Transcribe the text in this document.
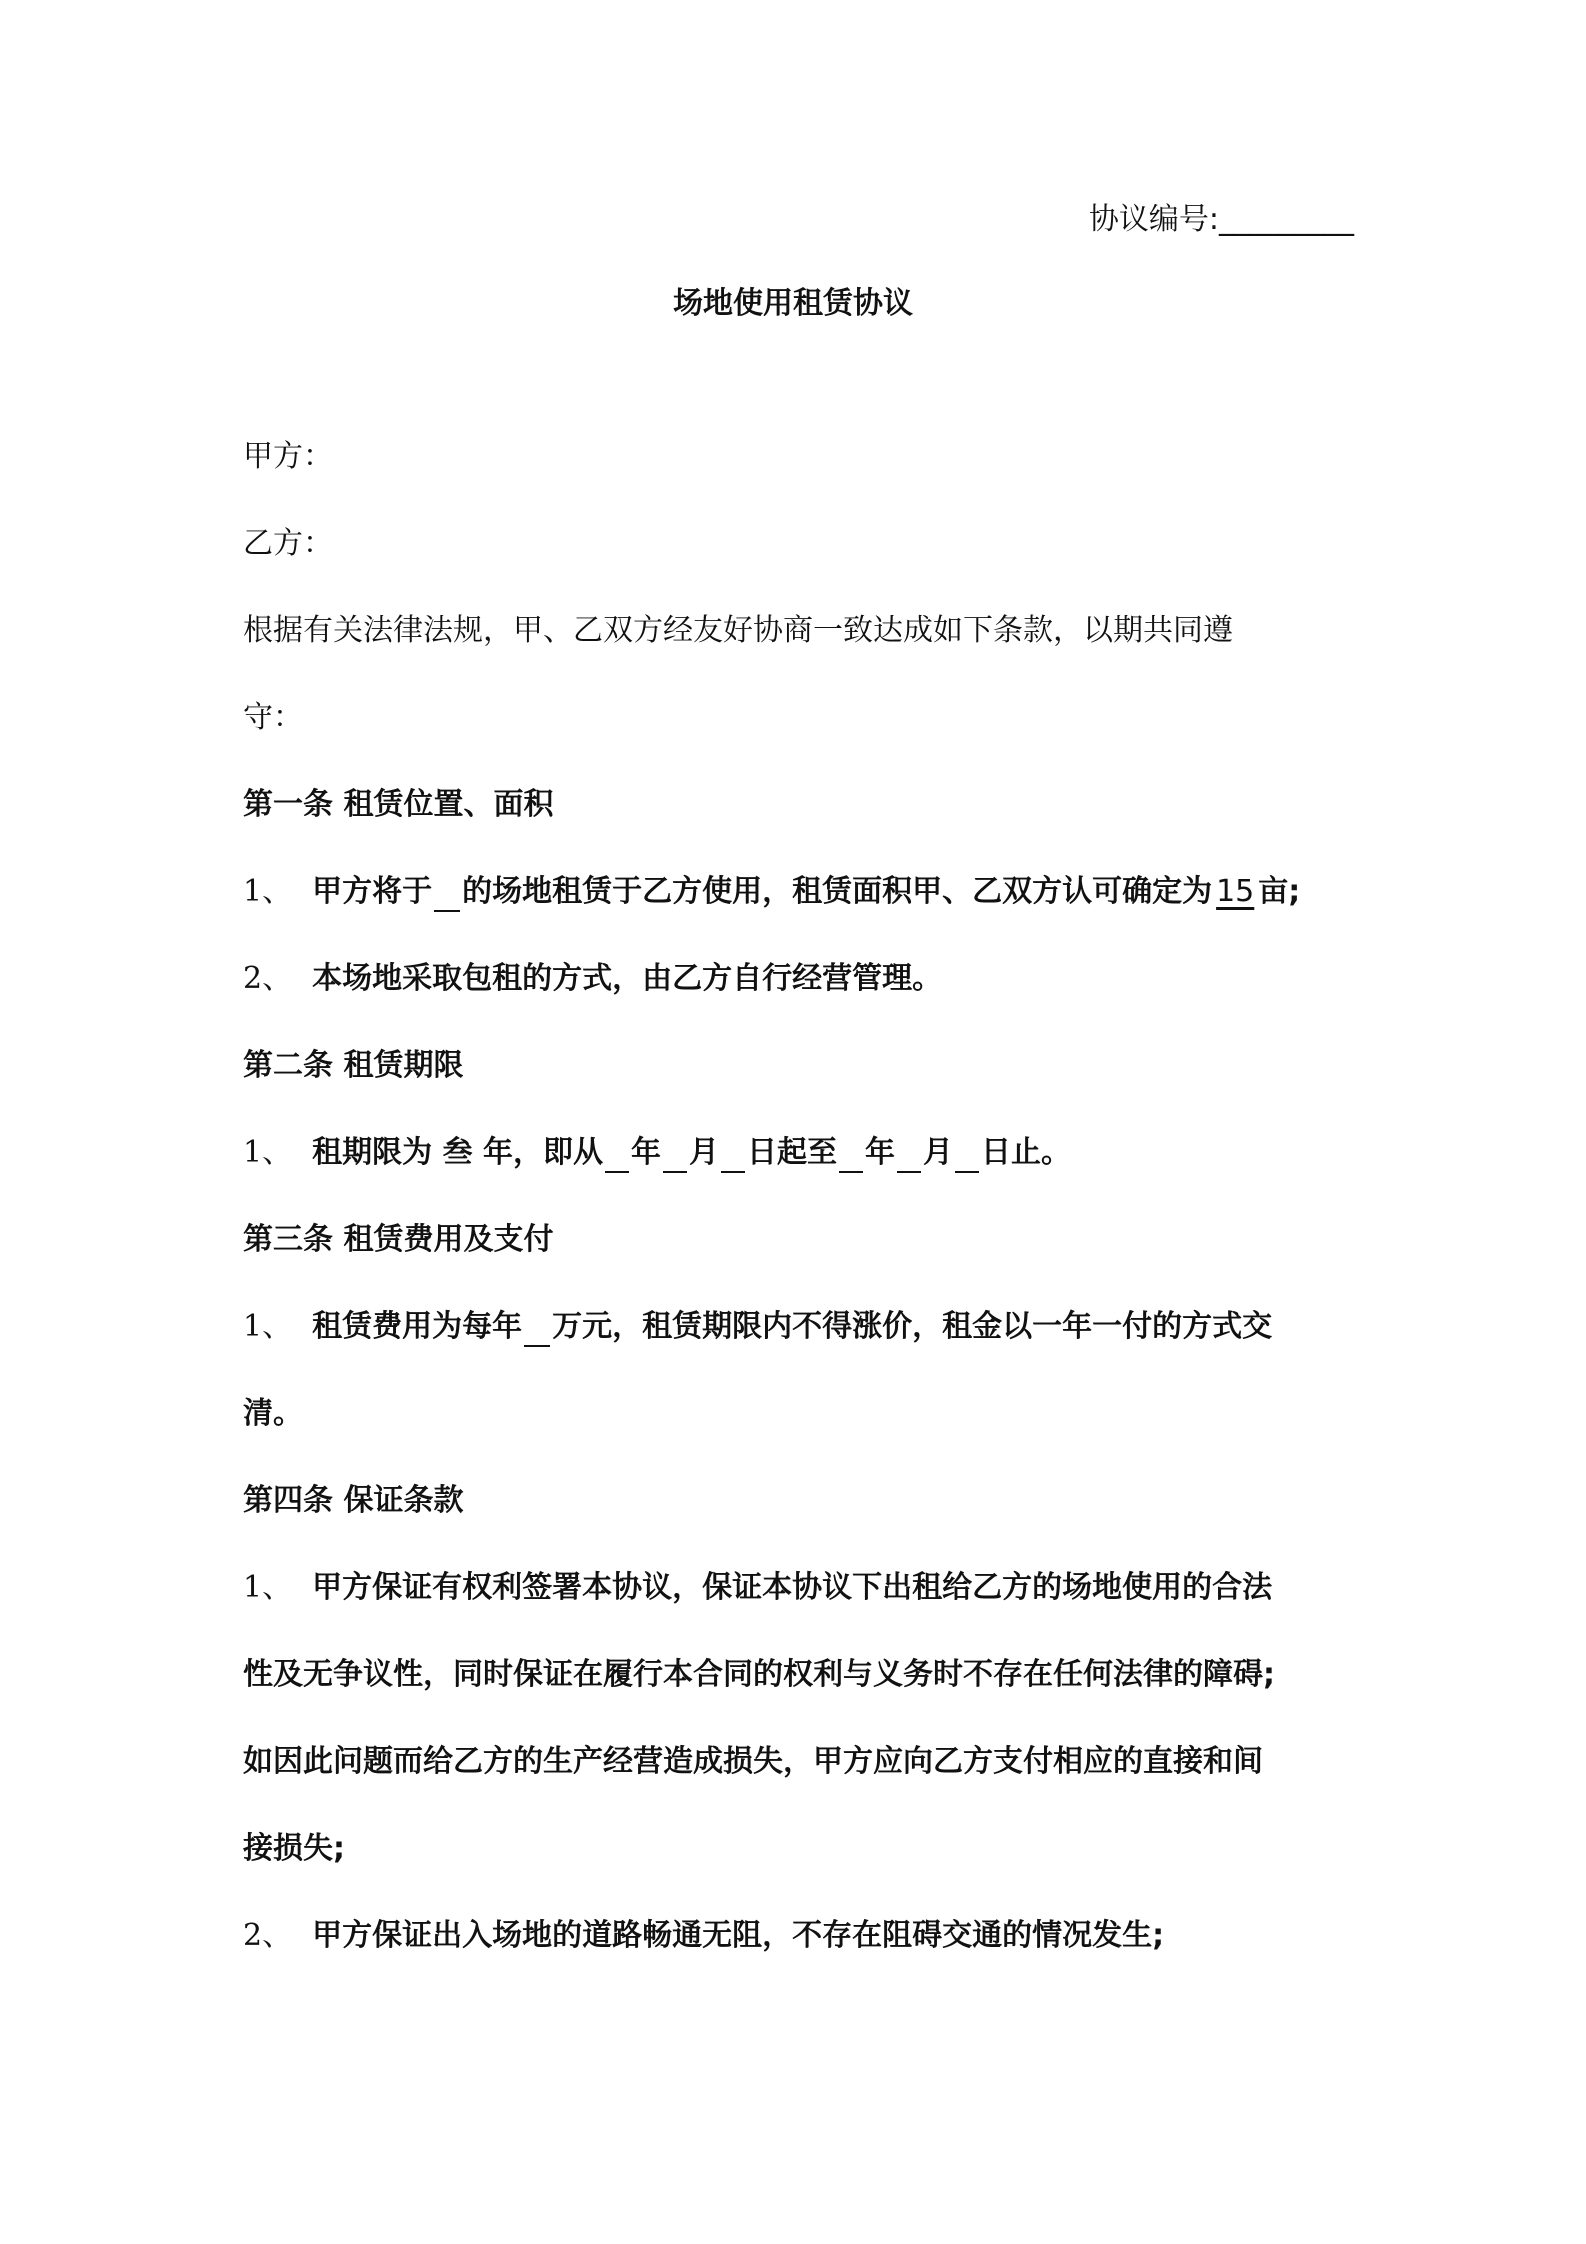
协议编号:_________
场地使用租赁协议
甲方：
乙方：
根据有关法律法规，甲、乙双方经友好协商一致达成如下条款，以期共同遵
守：
第一条 租赁位置、面积
1、 甲方将于 的场地租赁于乙方使用，租赁面积甲、乙双方认可确定为 15 亩;
2、 本场地采取包租的方式，由乙方自行经营管理。
第二条 租赁期限
1、 租期限为 叁 年，即从 年 月 日起至 年 月 日止。
第三条 租赁费用及支付
1、 租赁费用为每年 万元，租赁期限内不得涨价，租金以一年一付的方式交
清。
第四条 保证条款
1、 甲方保证有权利签署本协议，保证本协议下出租给乙方的场地使用的合法
性及无争议性，同时保证在履行本合同的权利与义务时不存在任何法律的障碍;
如因此问题而给乙方的生产经营造成损失，甲方应向乙方支付相应的直接和间
接损失;
2、 甲方保证出入场地的道路畅通无阻，不存在阻碍交通的情况发生;
